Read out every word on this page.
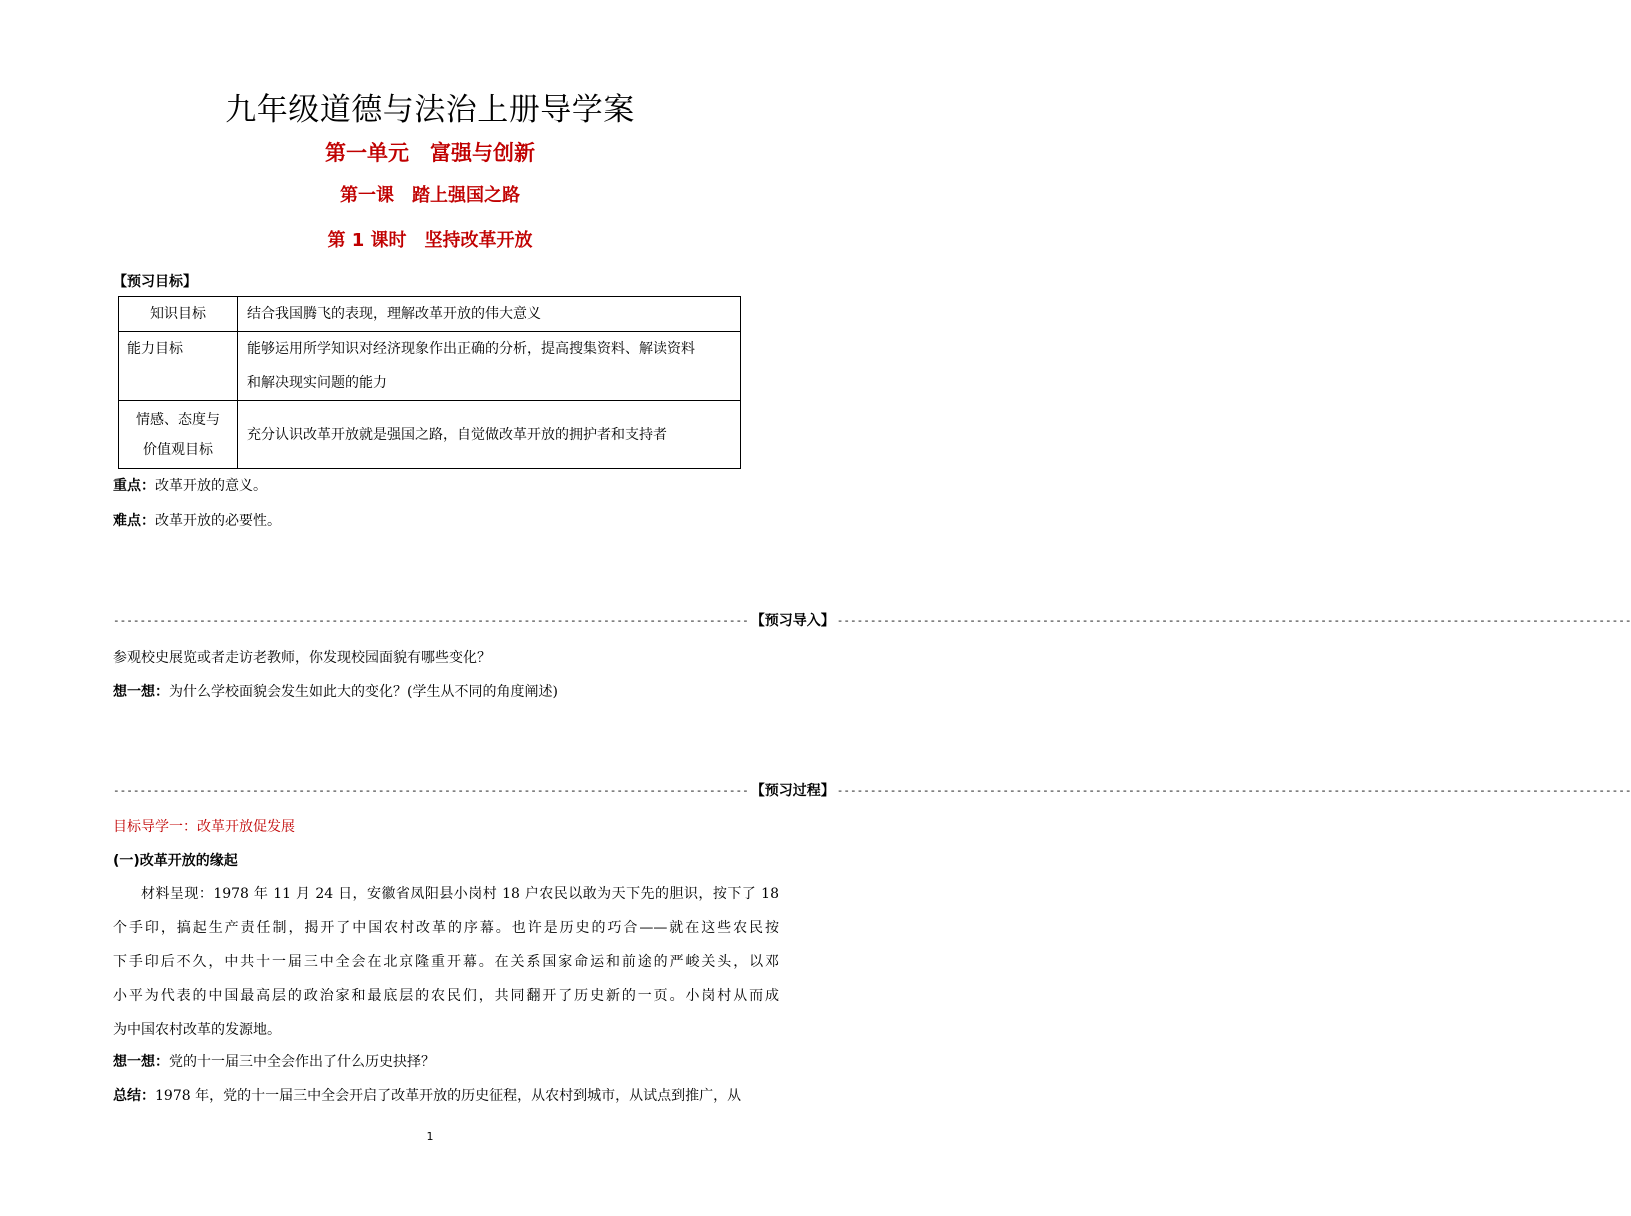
九年级道德与法治上册导学案
第一单元　富强与创新
第一课　踏上强国之路
第 1 课时　坚持改革开放
【预习目标】
知识目标	结合我国腾飞的表现，理解改革开放的伟大意义
能力目标	能够运用所学知识对经济现象作出正确的分析，提高搜集资料、解读资料
和解决现实问题的能力

情感、态度与
价值观目标	充分认识改革开放就是强国之路，自觉做改革开放的拥护者和支持者
重点：改革开放的意义。
难点：改革开放的必要性。
------------------------------------------------------------------------------------------------ 【预习导入】 ------------------------------------------------------------------------------------------------------------------------
参观校史展览或者走访老教师，你发现校园面貌有哪些变化？
想一想：为什么学校面貌会发生如此大的变化？(学生从不同的角度阐述)
------------------------------------------------------------------------------------------------ 【预习过程】 ------------------------------------------------------------------------------------------------------------------------
目标导学一：改革开放促发展
(一)改革开放的缘起
材料呈现：1978 年 11 月 24 日，安徽省凤阳县小岗村 18 户农民以敢为天下先的胆识，按下了 18
个手印，搞起生产责任制，揭开了中国农村改革的序幕。也许是历史的巧合——就在这些农民按
下手印后不久，中共十一届三中全会在北京隆重开幕。在关系国家命运和前途的严峻关头，以邓
小平为代表的中国最高层的政治家和最底层的农民们，共同翻开了历史新的一页。小岗村从而成
为中国农村改革的发源地。
想一想：党的十一届三中全会作出了什么历史抉择？
总结：1978 年，党的十一届三中全会开启了改革开放的历史征程，从农村到城市，从试点到推广，从
1
